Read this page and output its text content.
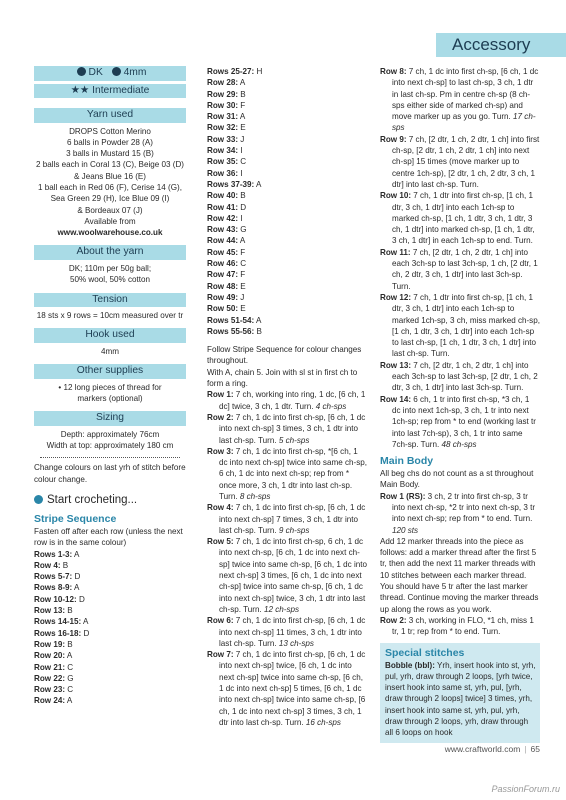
Accessory
DK 4mm
★★ Intermediate
Yarn used
DROPS Cotton Merino
6 balls in Powder 28 (A)
3 balls in Mustard 15 (B)
2 balls each in Coral 13 (C), Beige 03 (D)
& Jeans Blue 16 (E)
1 ball each in Red 06 (F), Cerise 14 (G),
Sea Green 29 (H), Ice Blue 09 (I)
& Bordeaux 07 (J)
Available from
www.woolwarehouse.co.uk
About the yarn
DK; 110m per 50g ball;
50% wool, 50% cotton
Tension
18 sts x 9 rows = 10cm measured over tr
Hook used
4mm
Other supplies
• 12 long pieces of thread for
markers (optional)
Sizing
Depth: approximately 76cm
Width at top: approximately 180 cm
Change colours on last yrh of stitch before colour change.
Start crocheting...
Stripe Sequence
Fasten off after each row (unless the next row is in the same colour)
Rows 1-3: A
Row 4: B
Rows 5-7: D
Rows 8-9: A
Row 10-12: D
Row 13: B
Rows 14-15: A
Rows 16-18: D
Row 19: B
Row 20: A
Row 21: C
Row 22: G
Row 23: C
Row 24: A
Rows 25-27: H
Row 28: A
Row 29: B
Row 30: F
Row 31: A
Row 32: E
Row 33: J
Row 34: I
Row 35: C
Row 36: I
Rows 37-39: A
Row 40: B
Row 41: D
Row 42: I
Row 43: G
Row 44: A
Row 45: F
Row 46: C
Row 47: F
Row 48: E
Row 49: J
Row 50: E
Rows 51-54: A
Rows 55-56: B
Follow Stripe Sequence for colour changes throughout.
With A, chain 5. Join with sl st in first ch to form a ring.
Row 1: 7 ch, working into ring, 1 dc, [6 ch, 1 dc] twice, 3 ch, 1 dtr. Turn. 4 ch-sps
Row 2: 7 ch, 1 dc into first ch-sp, [6 ch, 1 dc into next ch-sp] 3 times, 3 ch, 1 dtr into last ch-sp. Turn. 5 ch-sps
Row 3: 7 ch, 1 dc into first ch-sp, *[6 ch, 1 dc into next ch-sp] twice into same ch-sp, 6 ch, 1 dc into next ch-sp; rep from * once more, 3 ch, 1 dtr into last ch-sp. Turn. 8 ch-sps
Row 4: 7 ch, 1 dc into first ch-sp, [6 ch, 1 dc into next ch-sp] 7 times, 3 ch, 1 dtr into last ch-sp. Turn. 9 ch-sps
Row 5: 7 ch, 1 dc into first ch-sp, 6 ch, 1 dc into next ch-sp, [6 ch, 1 dc into next ch-sp] twice into same ch-sp, [6 ch, 1 dc into next ch-sp] 3 times, [6 ch, 1 dc into next ch-sp] twice into same ch-sp, [6 ch, 1 dc into next ch-sp] twice, 3 ch, 1 dtr into last ch-sp. Turn. 12 ch-sps
Row 6: 7 ch, 1 dc into first ch-sp, [6 ch, 1 dc into next ch-sp] 11 times, 3 ch, 1 dtr into last ch-sp. Turn. 13 ch-sps
Row 7: 7 ch, 1 dc into first ch-sp, [6 ch, 1 dc into next ch-sp] twice, [6 ch, 1 dc into next ch-sp] twice into same ch-sp, [6 ch, 1 dc into next ch-sp] 5 times, [6 ch, 1 dc into next ch-sp] twice into same ch-sp, [6 ch, 1 dc into next ch-sp] 3 times, 3 ch, 1 dtr into last ch-sp. Turn. 16 ch-sps
Row 8: 7 ch, 1 dc into first ch-sp, [6 ch, 1 dc into next ch-sp] to last ch-sp, 3 ch, 1 dtr in last ch-sp. Pm in centre ch-sp (8 ch-sps either side of marked ch-sp) and move marker up as you go. Turn. 17 ch-sps
Row 9: 7 ch, [2 dtr, 1 ch, 2 dtr, 1 ch] into first ch-sp, [2 dtr, 1 ch, 2 dtr, 1 ch] into next ch-sp] 15 times (move marker up to centre 1ch-sp), [2 dtr, 1 ch, 2 dtr, 3 ch, 1 dtr] into last ch-sp. Turn.
Row 10: 7 ch, 1 dtr into first ch-sp, [1 ch, 1 dtr, 3 ch, 1 dtr] into each 1ch-sp to marked ch-sp, [1 ch, 1 dtr, 3 ch, 1 dtr, 3 ch, 1 dtr] into marked ch-sp, [1 ch, 1 dtr, 3 ch, 1 dtr] in each 1ch-sp to end. Turn.
Row 11: 7 ch, [2 dtr, 1 ch, 2 dtr, 1 ch] into each 3ch-sp to last 3ch-sp, 1 ch, [2 dtr, 1 ch, 2 dtr, 3 ch, 1 dtr] into last 3ch-sp. Turn.
Row 12: 7 ch, 1 dtr into first ch-sp, [1 ch, 1 dtr, 3 ch, 1 dtr] into each 1ch-sp to marked 1ch-sp, 3 ch, miss marked ch-sp, [1 ch, 1 dtr, 3 ch, 1 dtr] into each 1ch-sp to last ch-sp, [1 ch, 1 dtr, 3 ch, 1 dtr] into last ch-sp. Turn.
Row 13: 7 ch, [2 dtr, 1 ch, 2 dtr, 1 ch] into each 3ch-sp to last 3ch-sp, [2 dtr, 1 ch, 2 dtr, 3 ch, 1 dtr] into last 3ch-sp. Turn.
Row 14: 6 ch, 1 tr into first ch-sp, *3 ch, 1 dc into next 1ch-sp, 3 ch, 1 tr into next 1ch-sp; rep from * to end (working last tr into last 7ch-sp), 3 ch, 1 tr into same 7ch-sp. Turn. 48 ch-sps
Main Body
All beg chs do not count as a st throughout Main Body.
Row 1 (RS): 3 ch, 2 tr into first ch-sp, 3 tr into next ch-sp, *2 tr into next ch-sp, 3 tr into next ch-sp; rep from * to end. Turn. 120 sts
Add 12 marker threads into the piece as follows: add a marker thread after the first 5 tr, then add the next 11 marker threads with 10 stitches between each marker thread. You should have 5 tr after the last marker thread. Continue moving the marker threads up along the rows as you work.
Row 2: 3 ch, working in FLO, *1 ch, miss 1 tr, 1 tr; rep from * to end. Turn.
Special stitches
Bobble (bbl): Yrh, insert hook into st, yrh, pul, yrh, draw through 2 loops, [yrh twice, insert hook into same st, yrh, pul, [yrh, draw through 2 loops] twice] 3 times, yrh, insert hook into same st, yrh, pul, yrh, draw through 2 loops, yrh, draw through all 6 loops on hook
www.craftworld.com | 65
PassionForum.ru
